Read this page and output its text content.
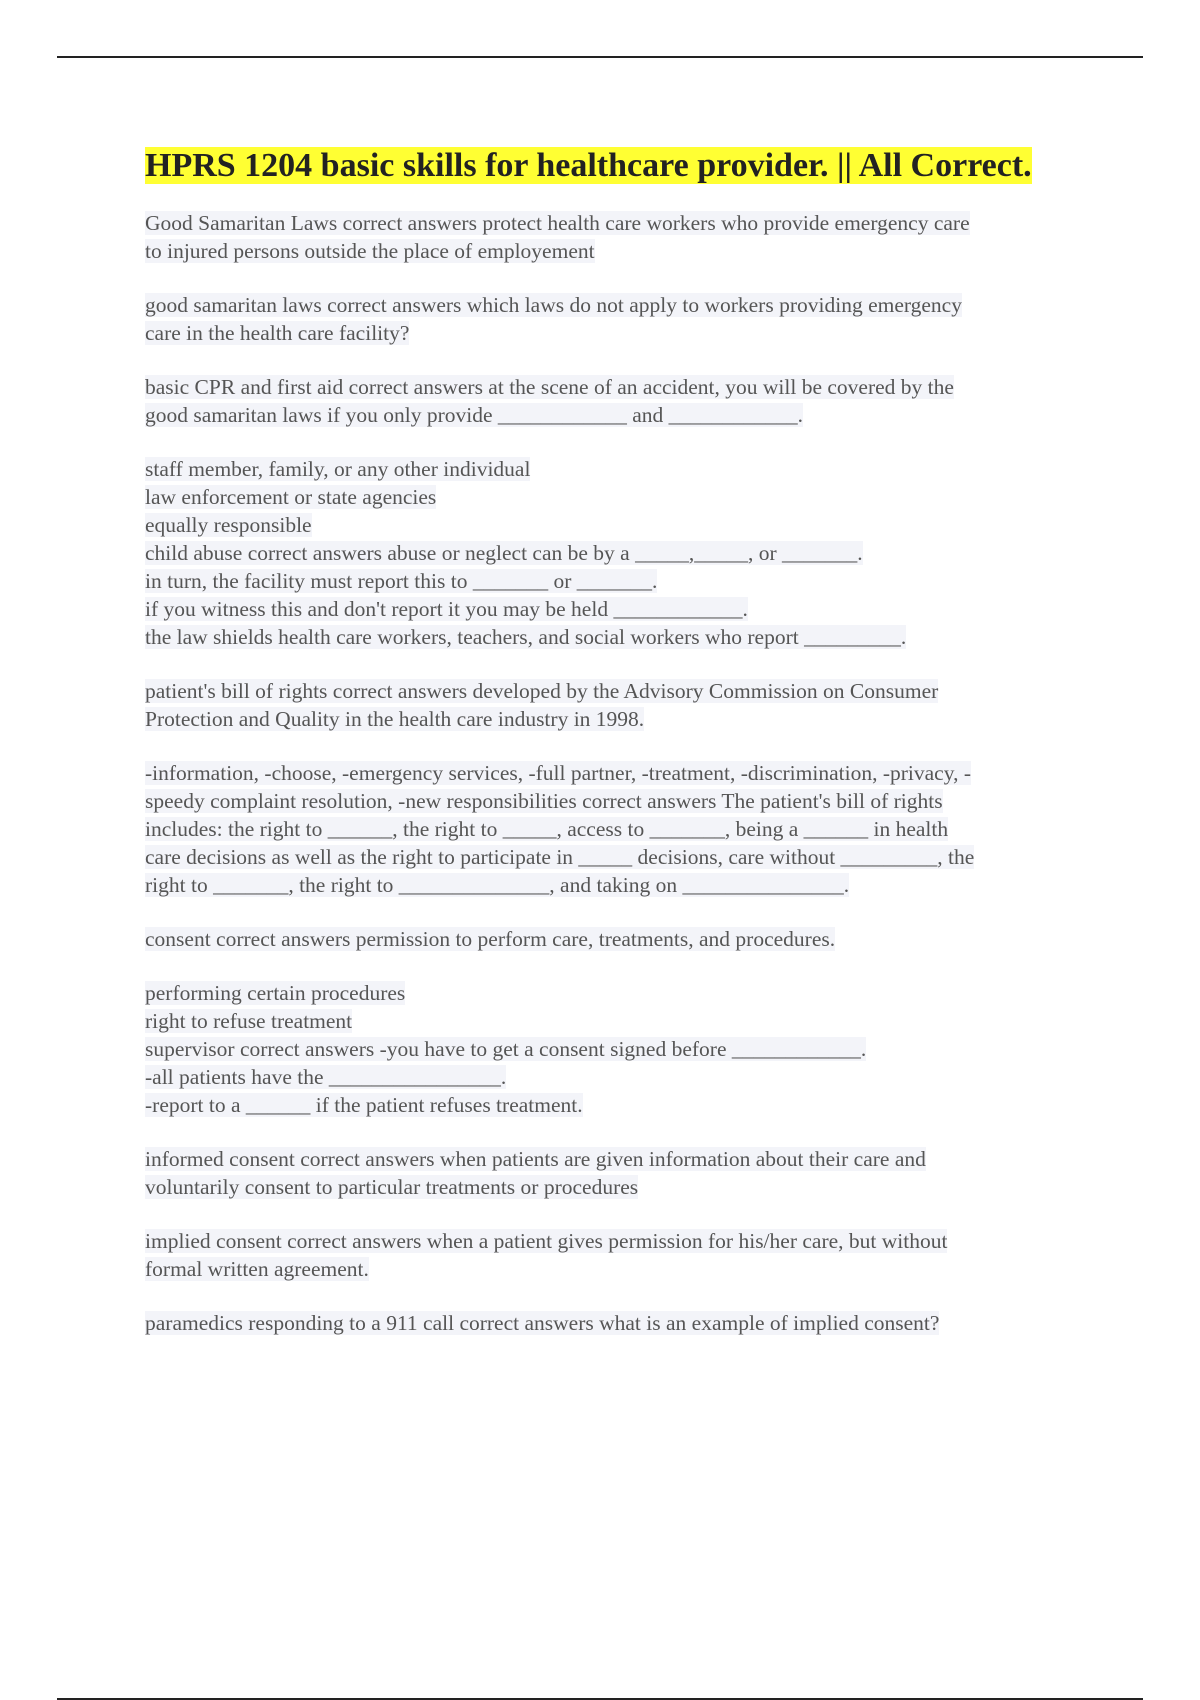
HPRS 1204 basic skills for healthcare provider. || All Correct.
Good Samaritan Laws correct answers protect health care workers who provide emergency care
to injured persons outside the place of employement
good samaritan laws correct answers which laws do not apply to workers providing emergency
care in the health care facility?
basic CPR and first aid correct answers at the scene of an accident, you will be covered by the
good samaritan laws if you only provide ____________ and ____________.
staff member, family, or any other individual
law enforcement or state agencies
equally responsible
child abuse correct answers abuse or neglect can be by a _____,_____, or _______.
in turn, the facility must report this to _______ or _______.
if you witness this and don't report it you may be held ____________.
the law shields health care workers, teachers, and social workers who report _________.
patient's bill of rights correct answers developed by the Advisory Commission on Consumer
Protection and Quality in the health care industry in 1998.
-information, -choose, -emergency services, -full partner, -treatment, -discrimination, -privacy, -
speedy complaint resolution, -new responsibilities correct answers The patient's bill of rights
includes: the right to ______, the right to _____, access to _______, being a ______ in health
care decisions as well as the right to participate in _____ decisions, care without _________, the
right to _______, the right to ______________, and taking on _______________.
consent correct answers permission to perform care, treatments, and procedures.
performing certain procedures
right to refuse treatment
supervisor correct answers -you have to get a consent signed before ____________.
-all patients have the ________________.
-report to a ______ if the patient refuses treatment.
informed consent correct answers when patients are given information about their care and
voluntarily consent to particular treatments or procedures
implied consent correct answers when a patient gives permission for his/her care, but without
formal written agreement.
paramedics responding to a 911 call correct answers what is an example of implied consent?
